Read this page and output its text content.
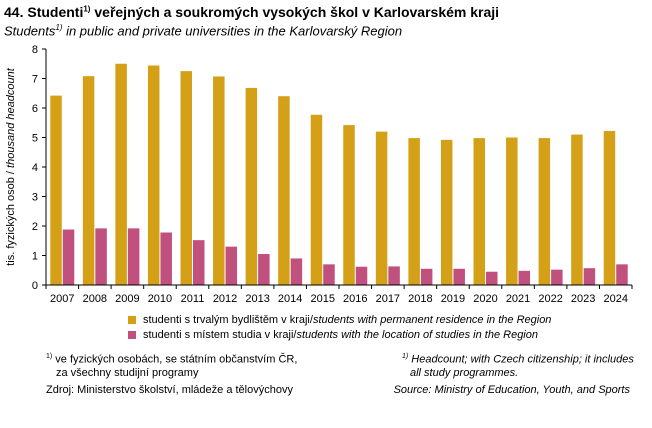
44. Studenti$^{1)}$ veřejných a soukromých vysokých škol v Karlovarském kraji
Students$^{1)}$ in public and private universities in the Karlovarský Region
tis. fyzických osob / thousand headcount
0
1
2
3
4
5
6
7
8
2007 2008 2009 2010 2011 2012 2013 2014 2015 2016 2017 2018 2019 2020 2021 2022 2023 2024
studenti s trvalým bydlištěm v kraji / students with permanent residence in the Region
studenti s místem studia v kraji / students with the location of studies in the Region
$^{1)}$ ve fyzických osobách, se státním občanstvím ČR,
za všechny studijní programy
$^{1)}$ Headcount; with Czech citizenship; it includes
all study programmes.
Zdroj: Ministerstvo školství, mládeže a tělovýchovy	Source: Ministry of Education, Youth, and Sports
